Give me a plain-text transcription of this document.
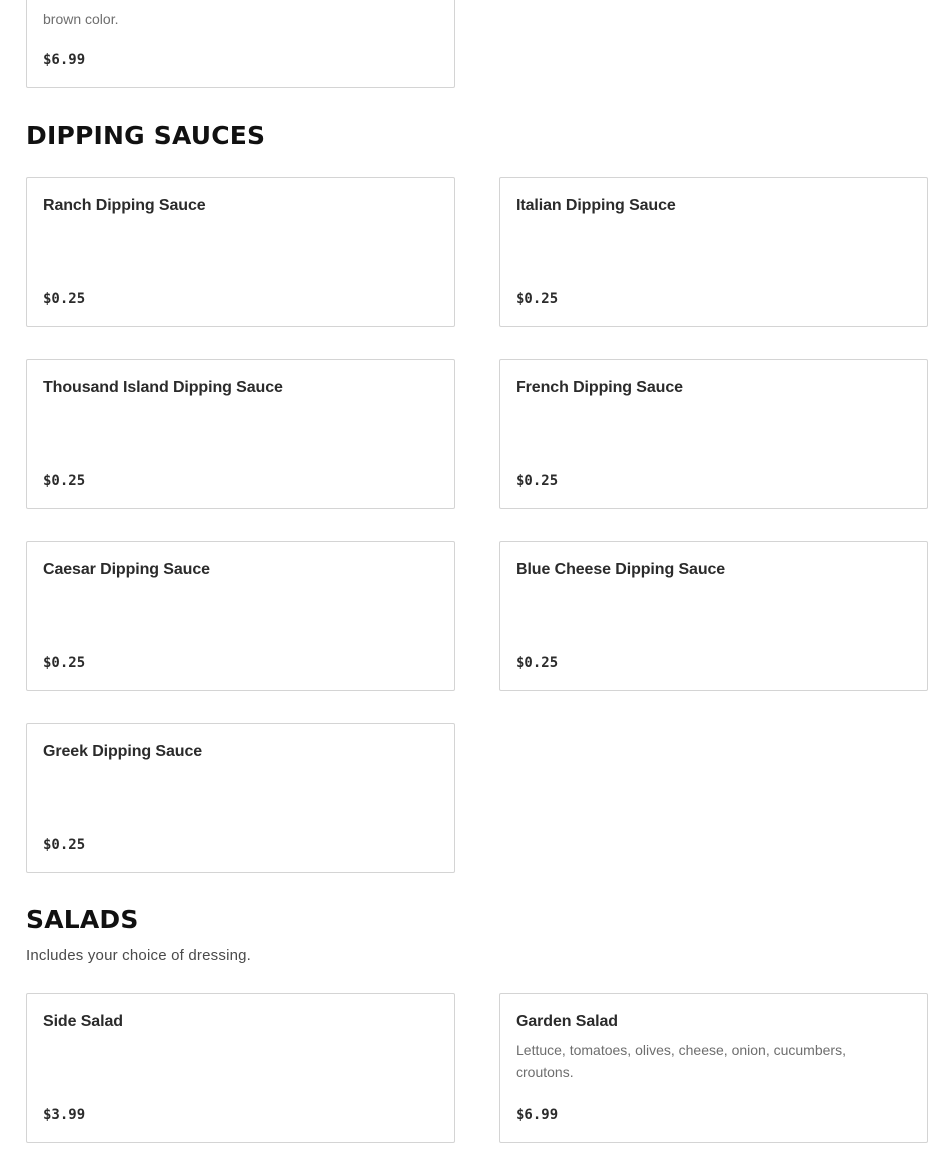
brown color.
$6.99
DIPPING SAUCES
Ranch Dipping Sauce
$0.25
Italian Dipping Sauce
$0.25
Thousand Island Dipping Sauce
$0.25
French Dipping Sauce
$0.25
Caesar Dipping Sauce
$0.25
Blue Cheese Dipping Sauce
$0.25
Greek Dipping Sauce
$0.25
SALADS

Includes your choice of dressing.

Side Salad
$3.99
Garden Salad
Lettuce, tomatoes, olives, cheese, onion, cucumbers, croutons.
$6.99
